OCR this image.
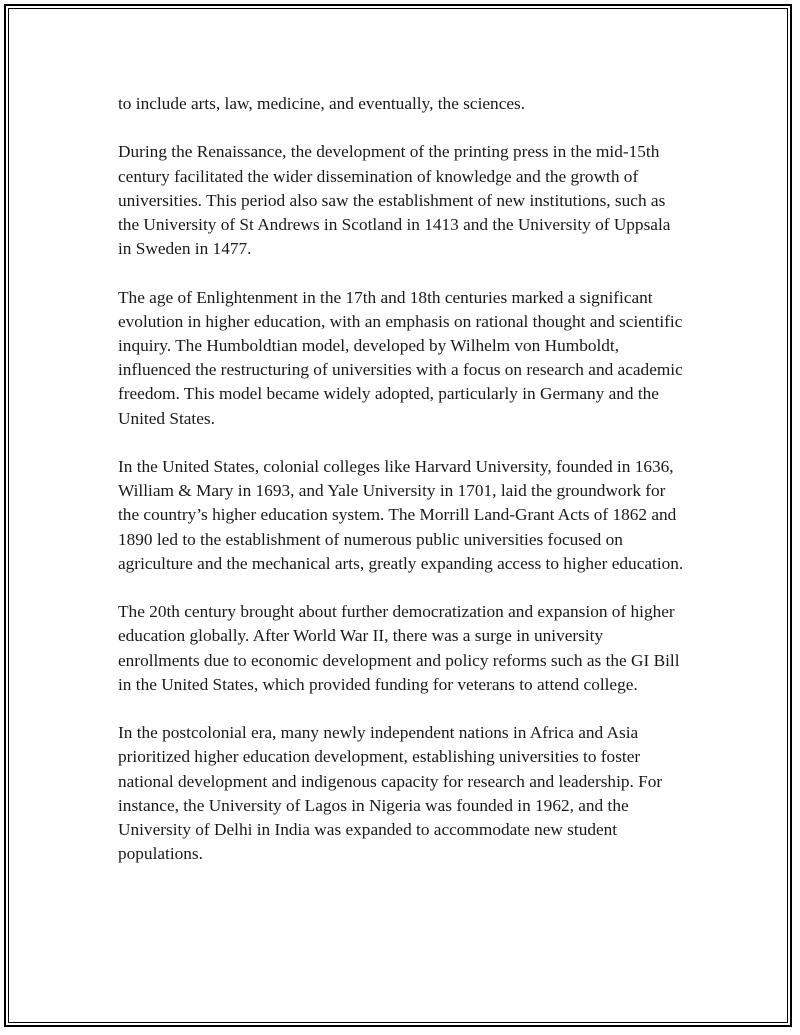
to include arts, law, medicine, and eventually, the sciences.

During the Renaissance, the development of the printing press in the mid-15th century facilitated the wider dissemination of knowledge and the growth of universities. This period also saw the establishment of new institutions, such as the University of St Andrews in Scotland in 1413 and the University of Uppsala in Sweden in 1477.

The age of Enlightenment in the 17th and 18th centuries marked a significant evolution in higher education, with an emphasis on rational thought and scientific inquiry. The Humboldtian model, developed by Wilhelm von Humboldt, influenced the restructuring of universities with a focus on research and academic freedom. This model became widely adopted, particularly in Germany and the United States.

In the United States, colonial colleges like Harvard University, founded in 1636, William & Mary in 1693, and Yale University in 1701, laid the groundwork for the country’s higher education system. The Morrill Land-Grant Acts of 1862 and 1890 led to the establishment of numerous public universities focused on agriculture and the mechanical arts, greatly expanding access to higher education.

The 20th century brought about further democratization and expansion of higher education globally. After World War II, there was a surge in university enrollments due to economic development and policy reforms such as the GI Bill in the United States, which provided funding for veterans to attend college.

In the postcolonial era, many newly independent nations in Africa and Asia prioritized higher education development, establishing universities to foster national development and indigenous capacity for research and leadership. For instance, the University of Lagos in Nigeria was founded in 1962, and the University of Delhi in India was expanded to accommodate new student populations.
